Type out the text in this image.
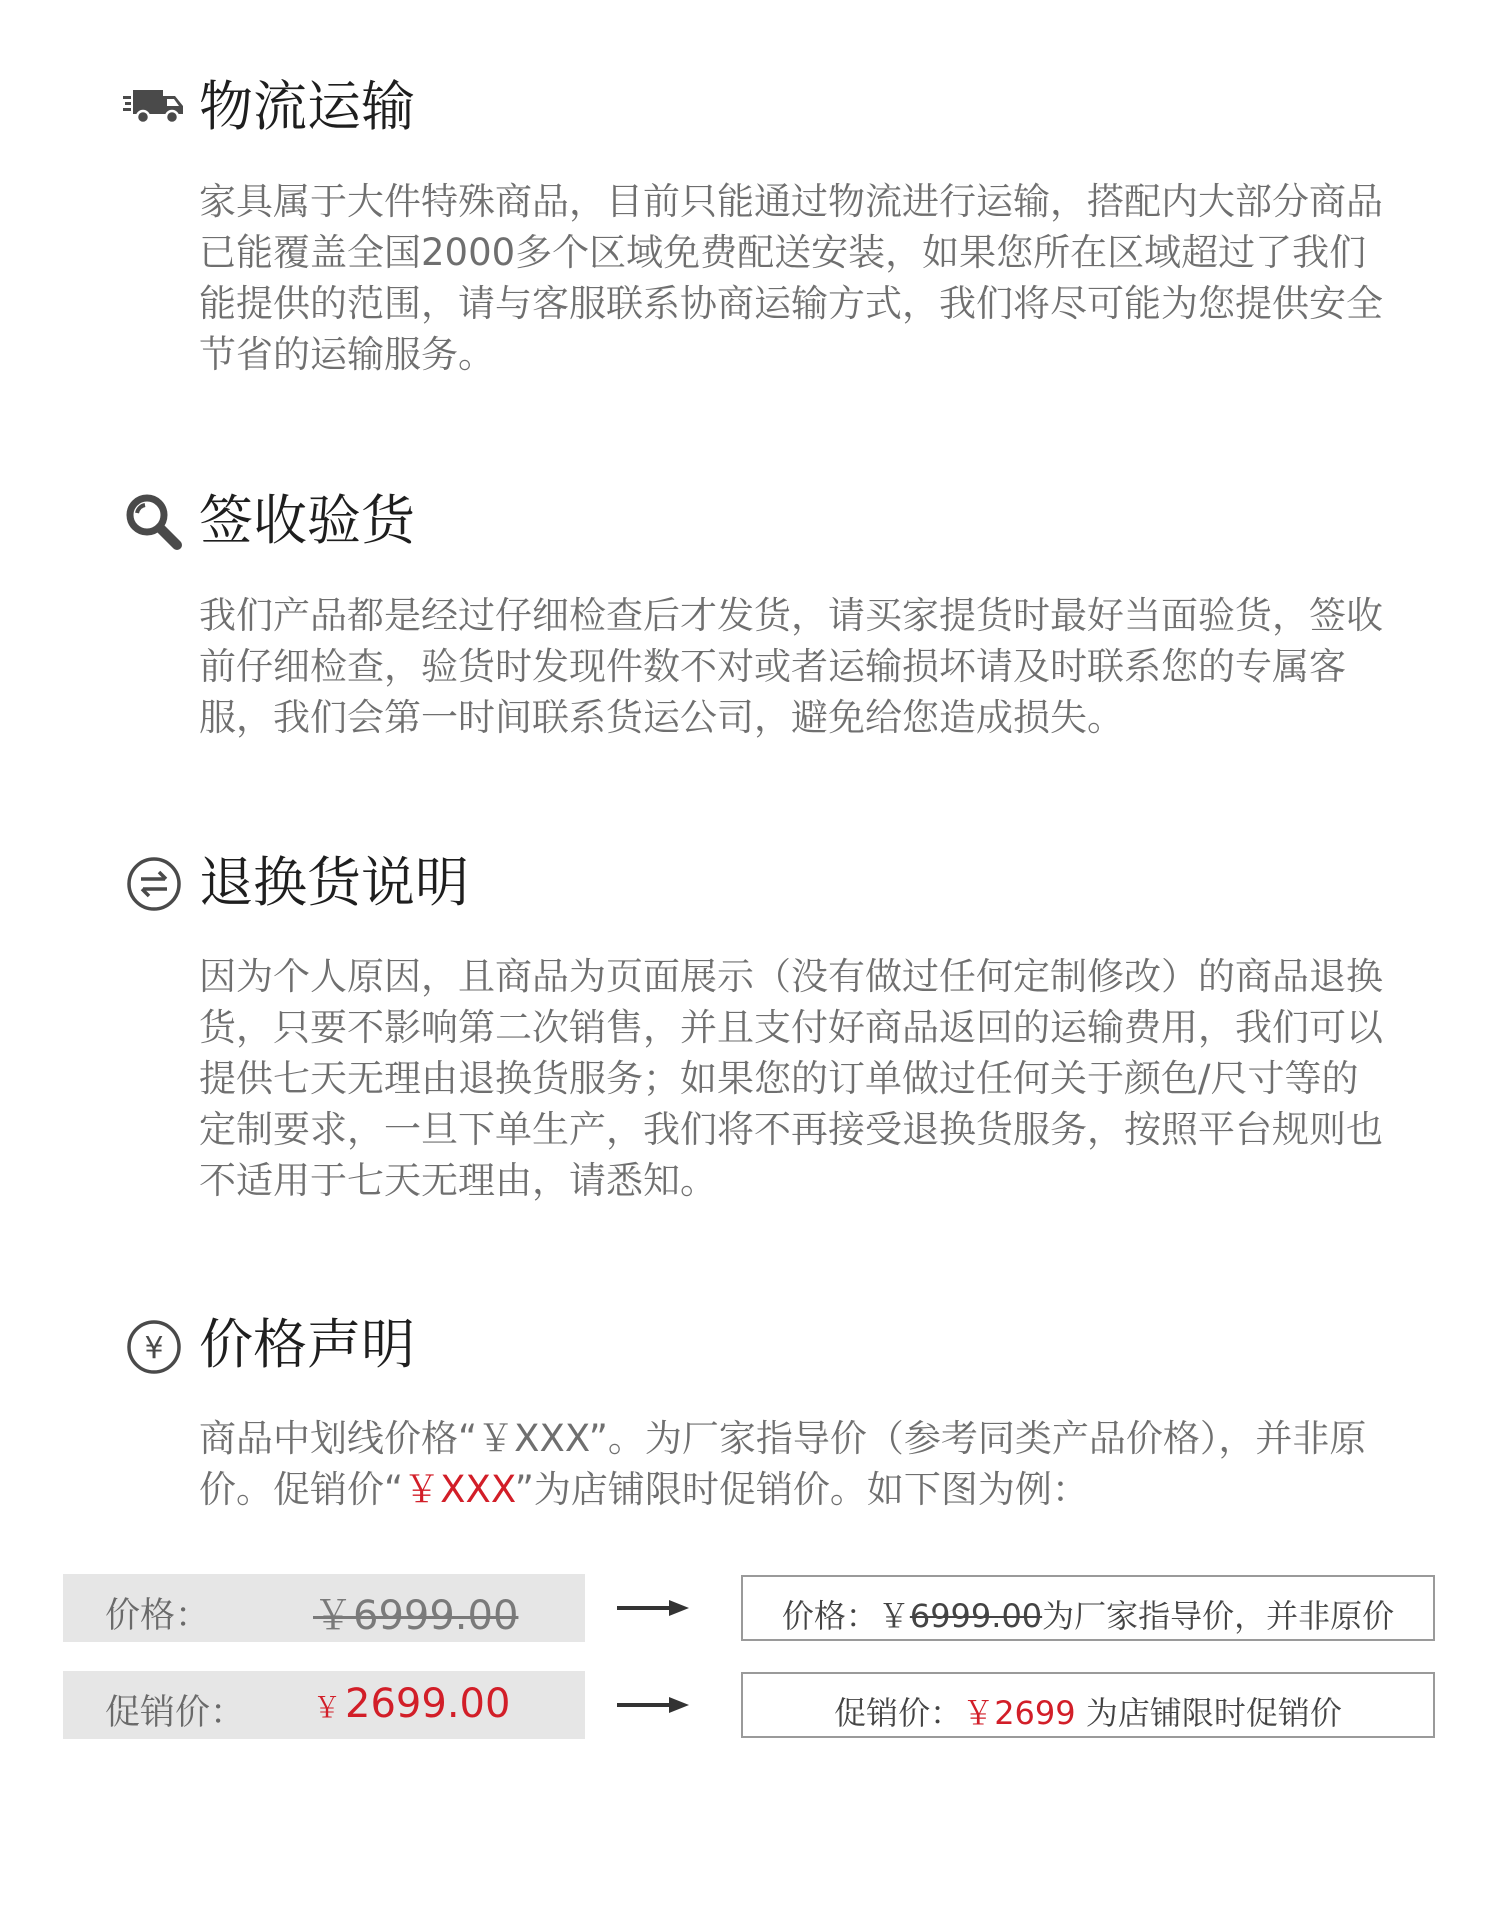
物流运输

家具属于大件特殊商品，目前只能通过物流进行运输，搭配内大部分商品已能覆盖全国2000多个区域免费配送安装，如果您所在区域超过了我们能提供的范围，请与客服联系协商运输方式，我们将尽可能为您提供安全节省的运输服务。

签收验货

我们产品都是经过仔细检查后才发货，请买家提货时最好当面验货，签收前仔细检查，验货时发现件数不对或者运输损坏请及时联系您的专属客服，我们会第一时间联系货运公司，避免给您造成损失。

退换货说明

因为个人原因，且商品为页面展示（没有做过任何定制修改）的商品退换货，只要不影响第二次销售，并且支付好商品返回的运输费用，我们可以提供七天无理由退换货服务；如果您的订单做过任何关于颜色/尺寸等的定制要求，一旦下单生产，我们将不再接受退换货服务，按照平台规则也不适用于七天无理由，请悉知。

¥ 价格声明

商品中划线价格“￥XXX”。为厂家指导价（参考同类产品价格），并非原价。促销价“￥XXX”为店铺限时促销价。如下图为例：

价格：	￥6999.00	价格：￥6999.00为厂家指导价，并非原价
促销价： ￥ 2699.00	促销价：￥2699 为店铺限时促销价
